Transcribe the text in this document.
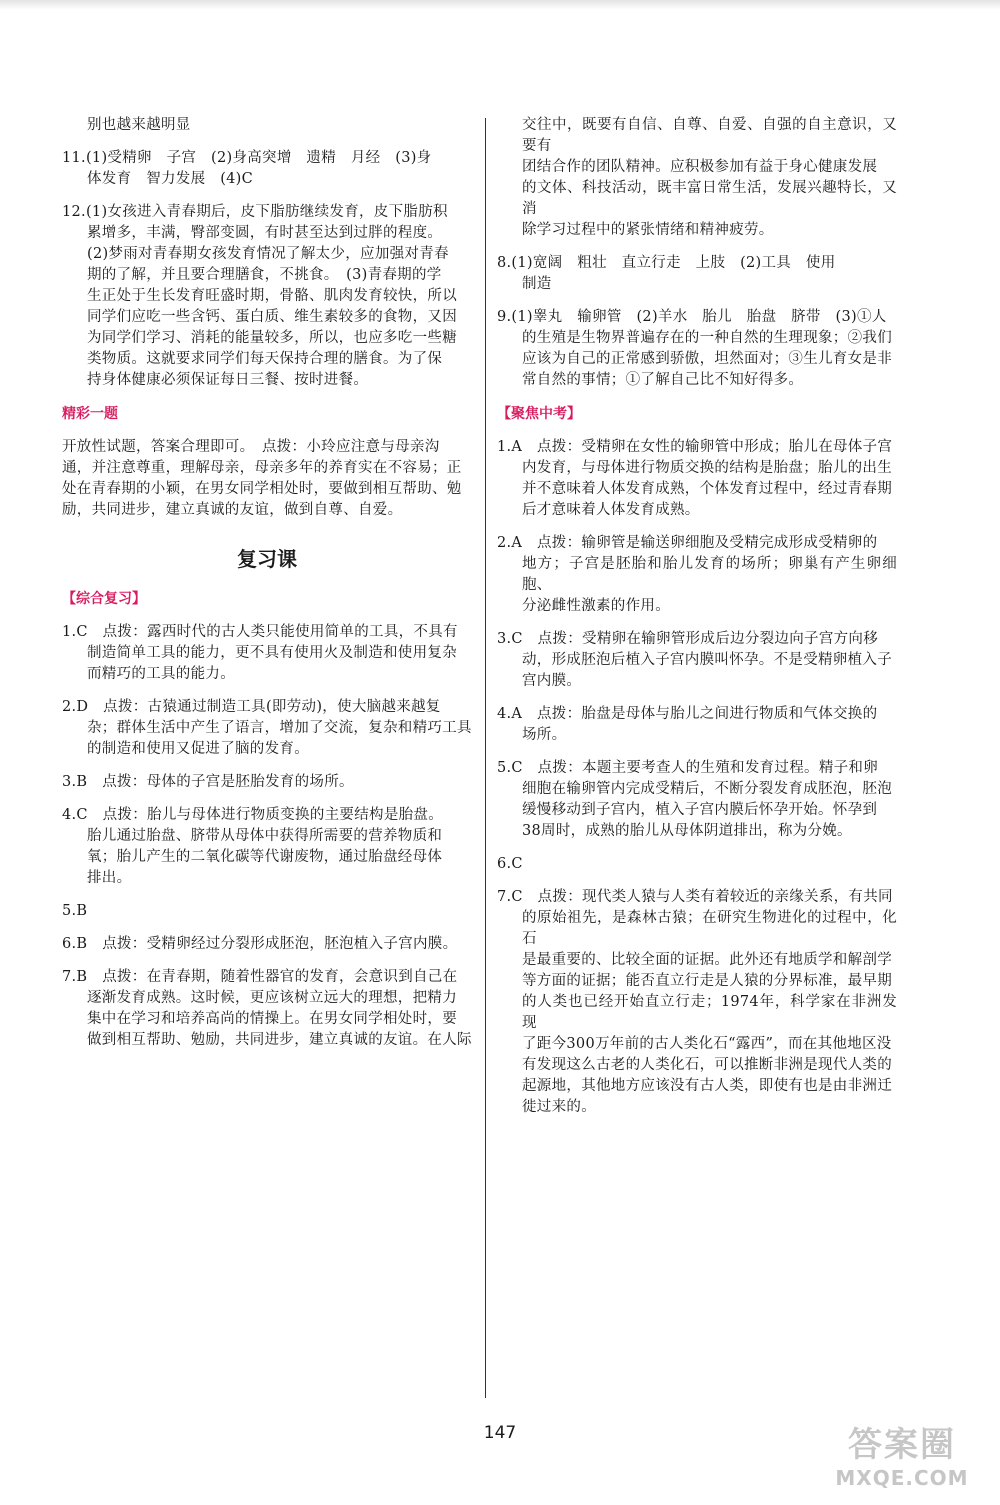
别也越来越明显

11.(1)受精卵　子宫　(2)身高突增　遗精　月经　(3)身

体发育　智力发展　(4)C

12.(1)女孩进入青春期后，皮下脂肪继续发育，皮下脂肪积

累增多，丰满，臀部变圆，有时甚至达到过胖的程度。

(2)梦雨对青春期女孩发育情况了解太少，应加强对青春

期的了解，并且要合理膳食，不挑食。　(3)青春期的学

生正处于生长发育旺盛时期，骨骼、肌肉发育较快，所以

同学们应吃一些含钙、蛋白质、维生素较多的食物，又因

为同学们学习、消耗的能量较多，所以，也应多吃一些糖

类物质。这就要求同学们每天保持合理的膳食。为了保

持身体健康必须保证每日三餐、按时进餐。

精彩一题

开放性试题，答案合理即可。　点拨：小玲应注意与母亲沟

通，并注意尊重，理解母亲，母亲多年的养育实在不容易；正

处在青春期的小颖，在男女同学相处时，要做到相互帮助、勉

励，共同进步，建立真诚的友谊，做到自尊、自爱。

复习课
【综合复习】

1.C　点拨：露西时代的古人类只能使用简单的工具，不具有

制造简单工具的能力，更不具有使用火及制造和使用复杂

而精巧的工具的能力。

2.D　点拨：古猿通过制造工具(即劳动)，使大脑越来越复

杂；群体生活中产生了语言，增加了交流，复杂和精巧工具

的制造和使用又促进了脑的发育。

3.B　点拨：母体的子宫是胚胎发育的场所。

4.C　点拨：胎儿与母体进行物质变换的主要结构是胎盘。

胎儿通过胎盘、脐带从母体中获得所需要的营养物质和

氧；胎儿产生的二氧化碳等代谢废物，通过胎盘经母体

排出。

5.B

6.B　点拨：受精卵经过分裂形成胚泡，胚泡植入子宫内膜。

7.B　点拨：在青春期，随着性器官的发育，会意识到自己在

逐渐发育成熟。这时候，更应该树立远大的理想，把精力

集中在学习和培养高尚的情操上。在男女同学相处时，要

做到相互帮助、勉励，共同进步，建立真诚的友谊。在人际

交往中，既要有自信、自尊、自爱、自强的自主意识，又要有

团结合作的团队精神。应积极参加有益于身心健康发展

的文体、科技活动，既丰富日常生活，发展兴趣特长，又消

除学习过程中的紧张情绪和精神疲劳。

8.(1)宽阔　粗壮　直立行走　上肢　(2)工具　使用

制造

9.(1)睾丸　输卵管　(2)羊水　胎儿　胎盘　脐带　(3)①人

的生殖是生物界普遍存在的一种自然的生理现象；②我们

应该为自己的正常感到骄傲，坦然面对；③生儿育女是非

常自然的事情；①了解自己比不知好得多。

【聚焦中考】

1.A　点拨：受精卵在女性的输卵管中形成；胎儿在母体子宫

内发育，与母体进行物质交换的结构是胎盘；胎儿的出生

并不意味着人体发育成熟，个体发育过程中，经过青春期

后才意味着人体发育成熟。

2.A　点拨：输卵管是输送卵细胞及受精完成形成受精卵的

地方；子宫是胚胎和胎儿发育的场所；卵巢有产生卵细胞、

分泌雌性激素的作用。

3.C　点拨：受精卵在输卵管形成后边分裂边向子宫方向移

动，形成胚泡后植入子宫内膜叫怀孕。不是受精卵植入子

宫内膜。

4.A　点拨：胎盘是母体与胎儿之间进行物质和气体交换的

场所。

5.C　点拨：本题主要考查人的生殖和发育过程。精子和卵

细胞在输卵管内完成受精后，不断分裂发育成胚泡，胚泡

缓慢移动到子宫内，植入子宫内膜后怀孕开始。怀孕到

38周时，成熟的胎儿从母体阴道排出，称为分娩。

6.C

7.C　点拨：现代类人猿与人类有着较近的亲缘关系，有共同

的原始祖先，是森林古猿；在研究生物进化的过程中，化石

是最重要的、比较全面的证据。此外还有地质学和解剖学

等方面的证据；能否直立行走是人猿的分界标准，最早期

的人类也已经开始直立行走；1974年，科学家在非洲发现

了距今300万年前的古人类化石“露西”，而在其他地区没

有发现这么古老的人类化石，可以推断非洲是现代人类的

起源地，其他地方应该没有古人类，即使有也是由非洲迁

徙过来的。

147	答案圈
MXQE.COM
